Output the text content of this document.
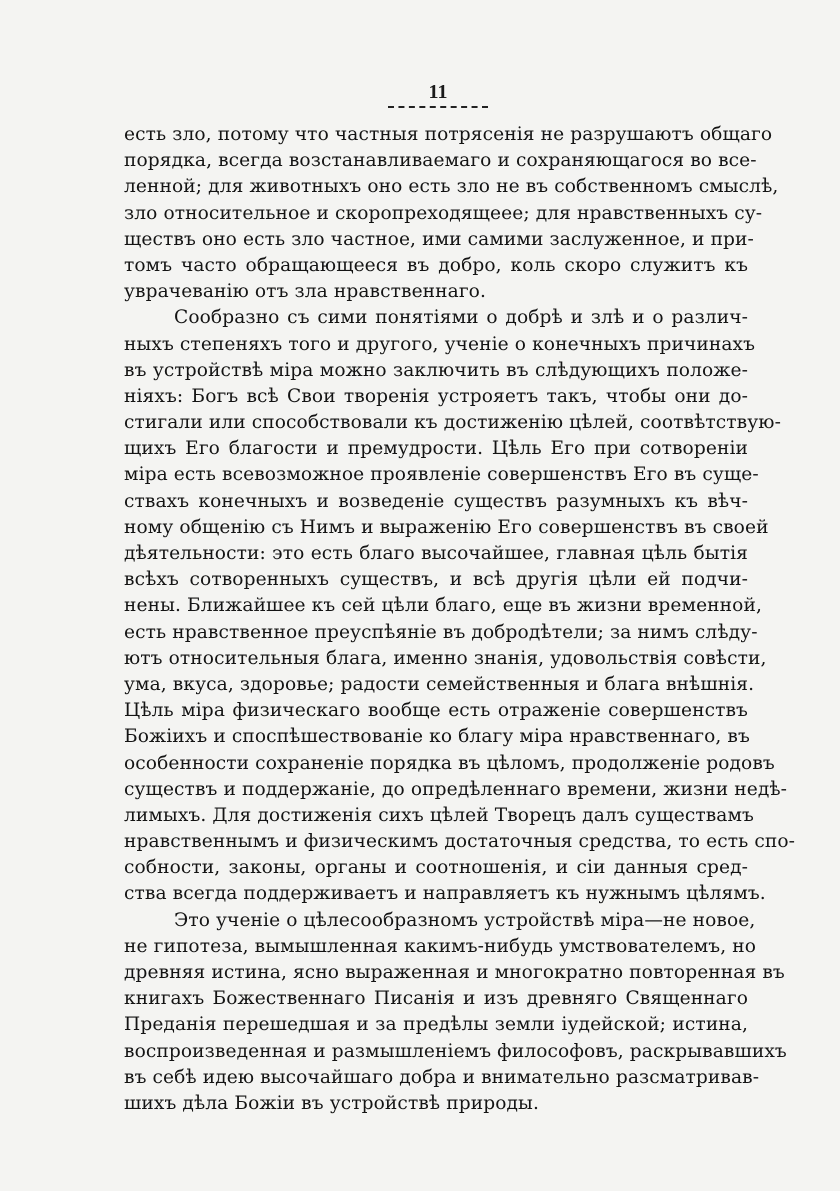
11
есть зло, потому что частныя потрясенія не разрушаютъ общаго
порядка, всегда возстанавливаемаго и сохраняющагося во все-
ленной; для животныхъ оно есть зло не въ собственномъ смыслѣ,
зло относительное и скоропреходящеее; для нравственныхъ су-
ществъ оно есть зло частное, ими самими заслуженное, и при-
томъ часто обращающееся въ добро, коль скоро служитъ къ
уврачеванію отъ зла нравственнаго.
Сообразно съ сими понятіями о добрѣ и злѣ и о различ-
ныхъ степеняхъ того и другого, ученіе о конечныхъ причинахъ
въ устройствѣ міра можно заключить въ слѣдующихъ положе-
ніяхъ: Богъ всѣ Свои творенія устрояетъ такъ, чтобы они до-
стигали или способствовали къ достиженію цѣлей, соотвѣтствую-
щихъ Его благости и премудрости. Цѣль Его при сотвореніи
міра есть всевозможное проявленіе совершенствъ Его въ суще-
ствахъ конечныхъ и возведеніе существъ разумныхъ къ вѣч-
ному общенію съ Нимъ и выраженію Его совершенствъ въ своей
дѣятельности: это есть благо высочайшее, главная цѣль бытія
всѣхъ сотворенныхъ существъ, и всѣ другія цѣли ей подчи-
нены. Ближайшее къ сей цѣли благо, еще въ жизни временной,
есть нравственное преуспѣяніе въ добродѣтели; за нимъ слѣду-
ютъ относительныя блага, именно знанія, удовольствія совѣсти,
ума, вкуса, здоровье; радости семейственныя и блага внѣшнія.
Цѣль міра физическаго вообще есть отраженіе совершенствъ
Божіихъ и споспѣшествованіе ко благу міра нравственнаго, въ
особенности сохраненіе порядка въ цѣломъ, продолженіе родовъ
существъ и поддержаніе, до опредѣленнаго времени, жизни недѣ-
лимыхъ. Для достиженія сихъ цѣлей Творецъ далъ существамъ
нравственнымъ и физическимъ достаточныя средства, то есть спо-
собности, законы, органы и соотношенія, и сіи данныя сред-
ства всегда поддерживаетъ и направляетъ къ нужнымъ цѣлямъ.
Это ученіе о цѣлесообразномъ устройствѣ міра—не новое,
не гипотеза, вымышленная какимъ-нибудь умствователемъ, но
древняя истина, ясно выраженная и многократно повторенная въ
книгахъ Божественнаго Писанія и изъ древняго Священнаго
Преданія перешедшая и за предѣлы земли іудейской; истина,
воспроизведенная и размышленіемъ философовъ, раскрывавшихъ
въ себѣ идею высочайшаго добра и внимательно разсматривав-
шихъ дѣла Божіи въ устройствѣ природы.
